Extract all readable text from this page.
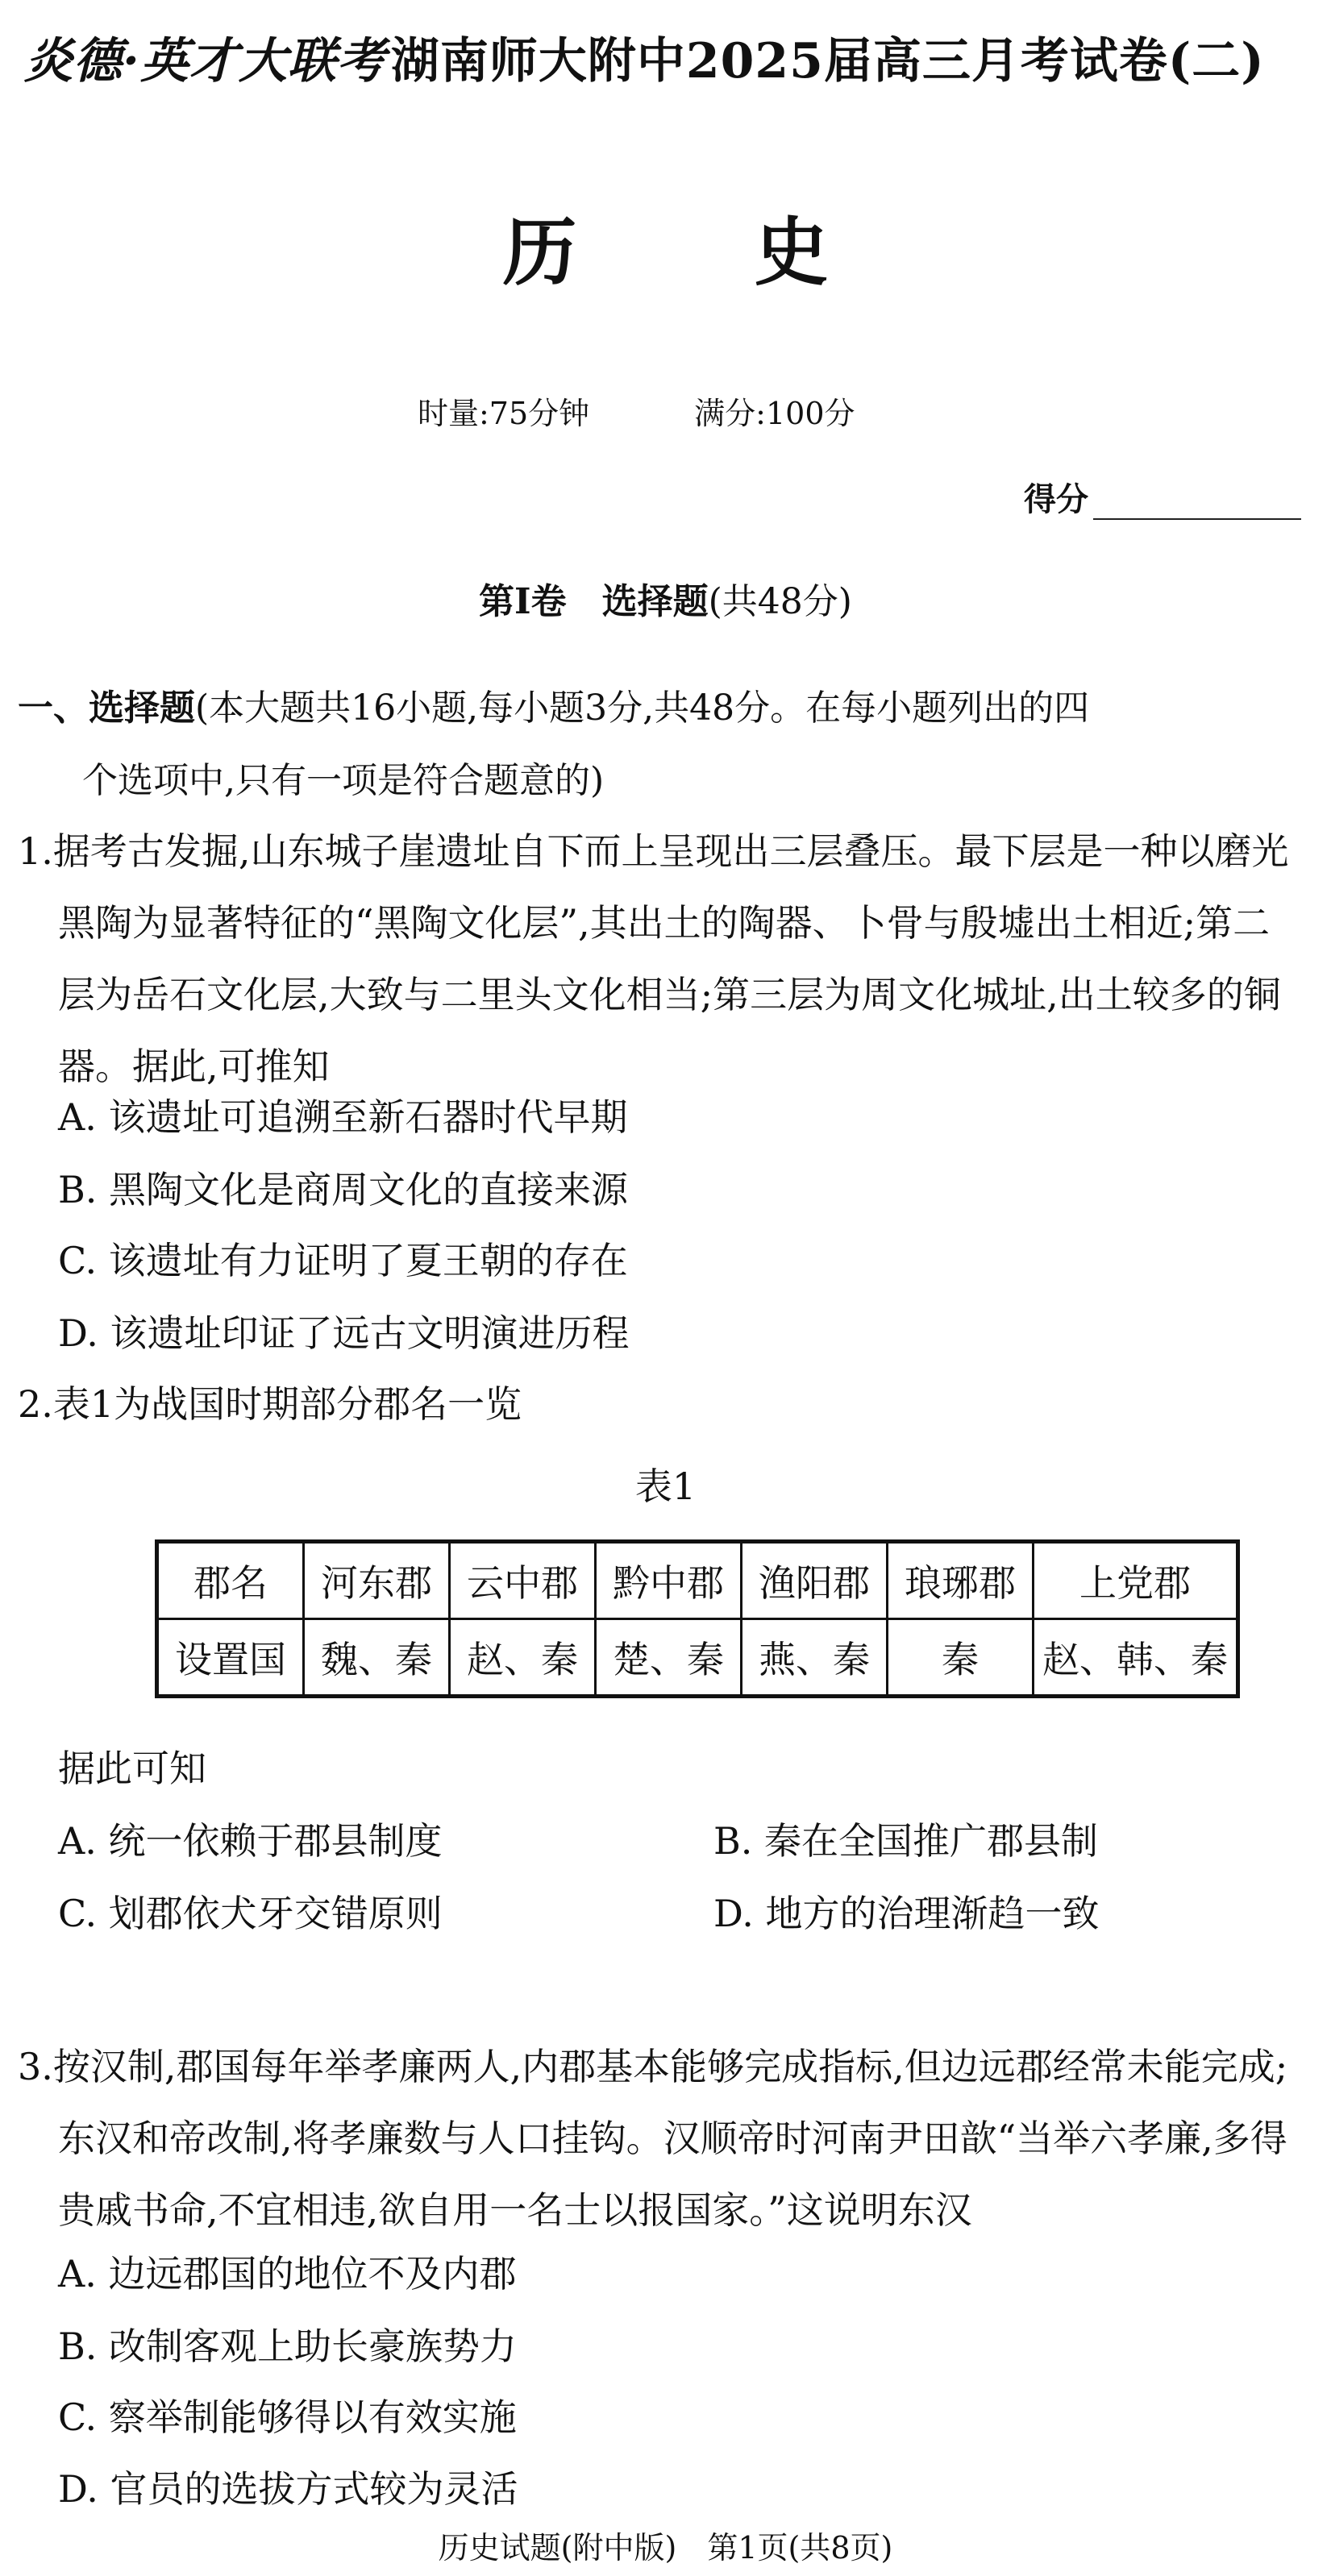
炎德·英才大联考 湖南师大附中2025届高三月考试卷(二)
历史
时量:75分钟	满分:100分
得分
第Ⅰ卷　选择题(共48分)
一、选择题(本大题共16小题,每小题3分,共48分。在每小题列出的四
个选项中,只有一项是符合题意的)
1.据考古发掘,山东城子崖遗址自下而上呈现出三层叠压。最下层是一种以磨光黑陶为显著特征的“黑陶文化层”,其出土的陶器、卜骨与殷墟出土相近;第二层为岳石文化层,大致与二里头文化相当;第三层为周文化城址,出土较多的铜器。据此,可推知
A. 该遗址可追溯至新石器时代早期
B. 黑陶文化是商周文化的直接来源
C. 该遗址有力证明了夏王朝的存在
D. 该遗址印证了远古文明演进历程
2.表1为战国时期部分郡名一览
表1
郡名	河东郡	云中郡	黔中郡	渔阳郡	琅琊郡	上党郡
设置国	魏、秦	赵、秦	楚、秦	燕、秦	秦	赵、韩、秦
据此可知
A. 统一依赖于郡县制度	B. 秦在全国推广郡县制
C. 划郡依犬牙交错原则	D. 地方的治理渐趋一致
3.按汉制,郡国每年举孝廉两人,内郡基本能够完成指标,但边远郡经常未能完成;东汉和帝改制,将孝廉数与人口挂钩。汉顺帝时河南尹田歆“当举六孝廉,多得贵戚书命,不宜相违,欲自用一名士以报国家。”这说明东汉
A. 边远郡国的地位不及内郡
B. 改制客观上助长豪族势力
C. 察举制能够得以有效实施
D. 官员的选拔方式较为灵活
历史试题(附中版)　第1页(共8页)
